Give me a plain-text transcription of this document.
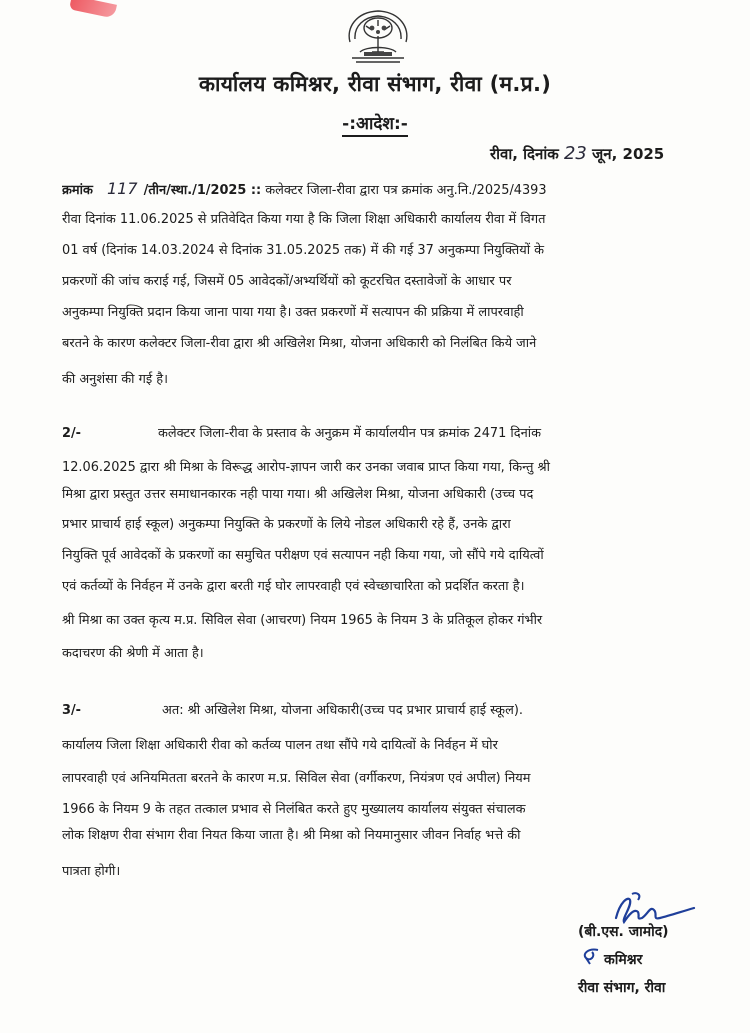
कार्यालय कमिश्नर, रीवा संभाग, रीवा (म.प्र.)
-:आदेश:-
रीवा, दिनांक 23 जून, 2025
क्रमांक 117 /तीन/स्था./1/2025 :: कलेक्टर जिला-रीवा द्वारा पत्र क्रमांक अनु.नि./2025/4393
रीवा दिनांक 11.06.2025 से प्रतिवेदित किया गया है कि जिला शिक्षा अधिकारी कार्यालय रीवा में विगत
01 वर्ष (दिनांक 14.03.2024 से दिनांक 31.05.2025 तक) में की गई 37 अनुकम्पा नियुक्तियों के
प्रकरणों की जांच कराई गई, जिसमें 05 आवेदकों/अभ्यर्थियों को कूटरचित दस्तावेजों के आधार पर
अनुकम्पा नियुक्ति प्रदान किया जाना पाया गया है। उक्त प्रकरणों में सत्यापन की प्रक्रिया में लापरवाही
बरतने के कारण कलेक्टर जिला-रीवा द्वारा श्री अखिलेश मिश्रा, योजना अधिकारी को निलंबित किये जाने
की अनुशंसा की गई है।
2/-	कलेक्टर जिला-रीवा के प्रस्ताव के अनुक्रम में कार्यालयीन पत्र क्रमांक 2471 दिनांक
12.06.2025 द्वारा श्री मिश्रा के विरूद्ध आरोप-ज्ञापन जारी कर उनका जवाब प्राप्त किया गया, किन्तु श्री
मिश्रा द्वारा प्रस्तुत उत्तर समाधानकारक नही पाया गया। श्री अखिलेश मिश्रा, योजना अधिकारी (उच्च पद
प्रभार प्राचार्य हाई स्कूल) अनुकम्पा नियुक्ति के प्रकरणों के लिये नोडल अधिकारी रहे हैं, उनके द्वारा
नियुक्ति पूर्व आवेदकों के प्रकरणों का समुचित परीक्षण एवं सत्यापन नही किया गया, जो सौंपे गये दायित्वों
एवं कर्तव्यों के निर्वहन में उनके द्वारा बरती गई घोर लापरवाही एवं स्वेच्छाचारिता को प्रदर्शित करता है।
श्री मिश्रा का उक्त कृत्य म.प्र. सिविल सेवा (आचरण) नियम 1965 के नियम 3 के प्रतिकूल होकर गंभीर
कदाचरण की श्रेणी में आता है।
3/-	अत: श्री अखिलेश मिश्रा, योजना अधिकारी(उच्च पद प्रभार प्राचार्य हाई स्कूल).
कार्यालय जिला शिक्षा अधिकारी रीवा को कर्तव्य पालन तथा सौंपे गये दायित्वों के निर्वहन में घोर
लापरवाही एवं अनियमितता बरतने के कारण म.प्र. सिविल सेवा (वर्गीकरण, नियंत्रण एवं अपील) नियम
1966 के नियम 9 के तहत तत्काल प्रभाव से निलंबित करते हुए मुख्यालय कार्यालय संयुक्त संचालक
लोक शिक्षण रीवा संभाग रीवा नियत किया जाता है। श्री मिश्रा को नियमानुसार जीवन निर्वाह भत्ते की
पात्रता होगी।
(बी.एस. जामोद)
कमिश्नर
रीवा संभाग, रीवा
